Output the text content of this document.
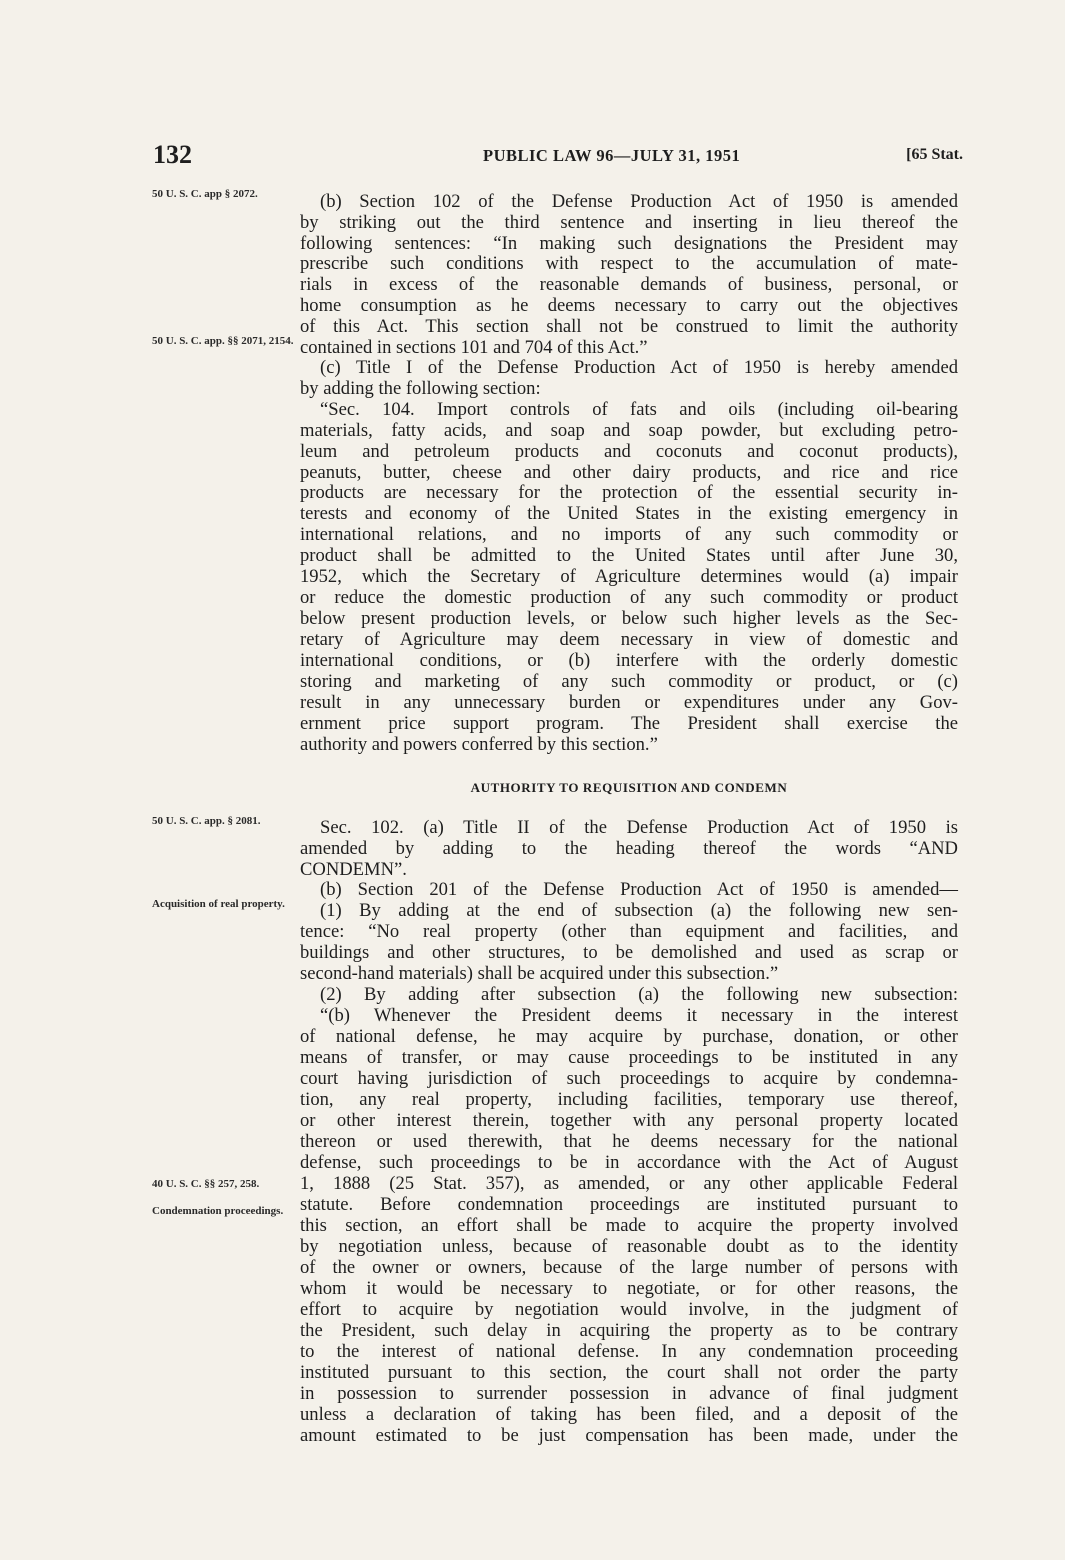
132	PUBLIC LAW 96—JULY 31, 1951	[65 Stat.
50 U. S. C. app § 2072.
50 U. S. C. app. §§ 2071, 2154.
50 U. S. C. app. § 2081.
Acquisition of real property.
40 U. S. C. §§ 257, 258.
Condemnation proceedings.
(b) Section 102 of the Defense Production Act of 1950 is amended
by striking out the third sentence and inserting in lieu thereof the
following sentences: “In making such designations the President may
prescribe such conditions with respect to the accumulation of mate-
rials in excess of the reasonable demands of business, personal, or
home consumption as he deems necessary to carry out the objectives
of this Act. This section shall not be construed to limit the authority
contained in sections 101 and 704 of this Act.”
(c) Title I of the Defense Production Act of 1950 is hereby amended
by adding the following section:
“Sec. 104. Import controls of fats and oils (including oil-bearing
materials, fatty acids, and soap and soap powder, but excluding petro-
leum and petroleum products and coconuts and coconut products),
peanuts, butter, cheese and other dairy products, and rice and rice
products are necessary for the protection of the essential security in-
terests and economy of the United States in the existing emergency in
international relations, and no imports of any such commodity or
product shall be admitted to the United States until after June 30,
1952, which the Secretary of Agriculture determines would (a) impair
or reduce the domestic production of any such commodity or product
below present production levels, or below such higher levels as the Sec-
retary of Agriculture may deem necessary in view of domestic and
international conditions, or (b) interfere with the orderly domestic
storing and marketing of any such commodity or product, or (c)
result in any unnecessary burden or expenditures under any Gov-
ernment price support program. The President shall exercise the
authority and powers conferred by this section.”
AUTHORITY TO REQUISITION AND CONDEMN
Sec. 102. (a) Title II of the Defense Production Act of 1950 is
amended by adding to the heading thereof the words “AND
CONDEMN”.
(b) Section 201 of the Defense Production Act of 1950 is amended—
(1) By adding at the end of subsection (a) the following new sen-
tence: “No real property (other than equipment and facilities, and
buildings and other structures, to be demolished and used as scrap or
second-hand materials) shall be acquired under this subsection.”
(2) By adding after subsection (a) the following new subsection:
“(b) Whenever the President deems it necessary in the interest
of national defense, he may acquire by purchase, donation, or other
means of transfer, or may cause proceedings to be instituted in any
court having jurisdiction of such proceedings to acquire by condemna-
tion, any real property, including facilities, temporary use thereof,
or other interest therein, together with any personal property located
thereon or used therewith, that he deems necessary for the national
defense, such proceedings to be in accordance with the Act of August
1, 1888 (25 Stat. 357), as amended, or any other applicable Federal
statute. Before condemnation proceedings are instituted pursuant to
this section, an effort shall be made to acquire the property involved
by negotiation unless, because of reasonable doubt as to the identity
of the owner or owners, because of the large number of persons with
whom it would be necessary to negotiate, or for other reasons, the
effort to acquire by negotiation would involve, in the judgment of
the President, such delay in acquiring the property as to be contrary
to the interest of national defense. In any condemnation proceeding
instituted pursuant to this section, the court shall not order the party
in possession to surrender possession in advance of final judgment
unless a declaration of taking has been filed, and a deposit of the
amount estimated to be just compensation has been made, under the
